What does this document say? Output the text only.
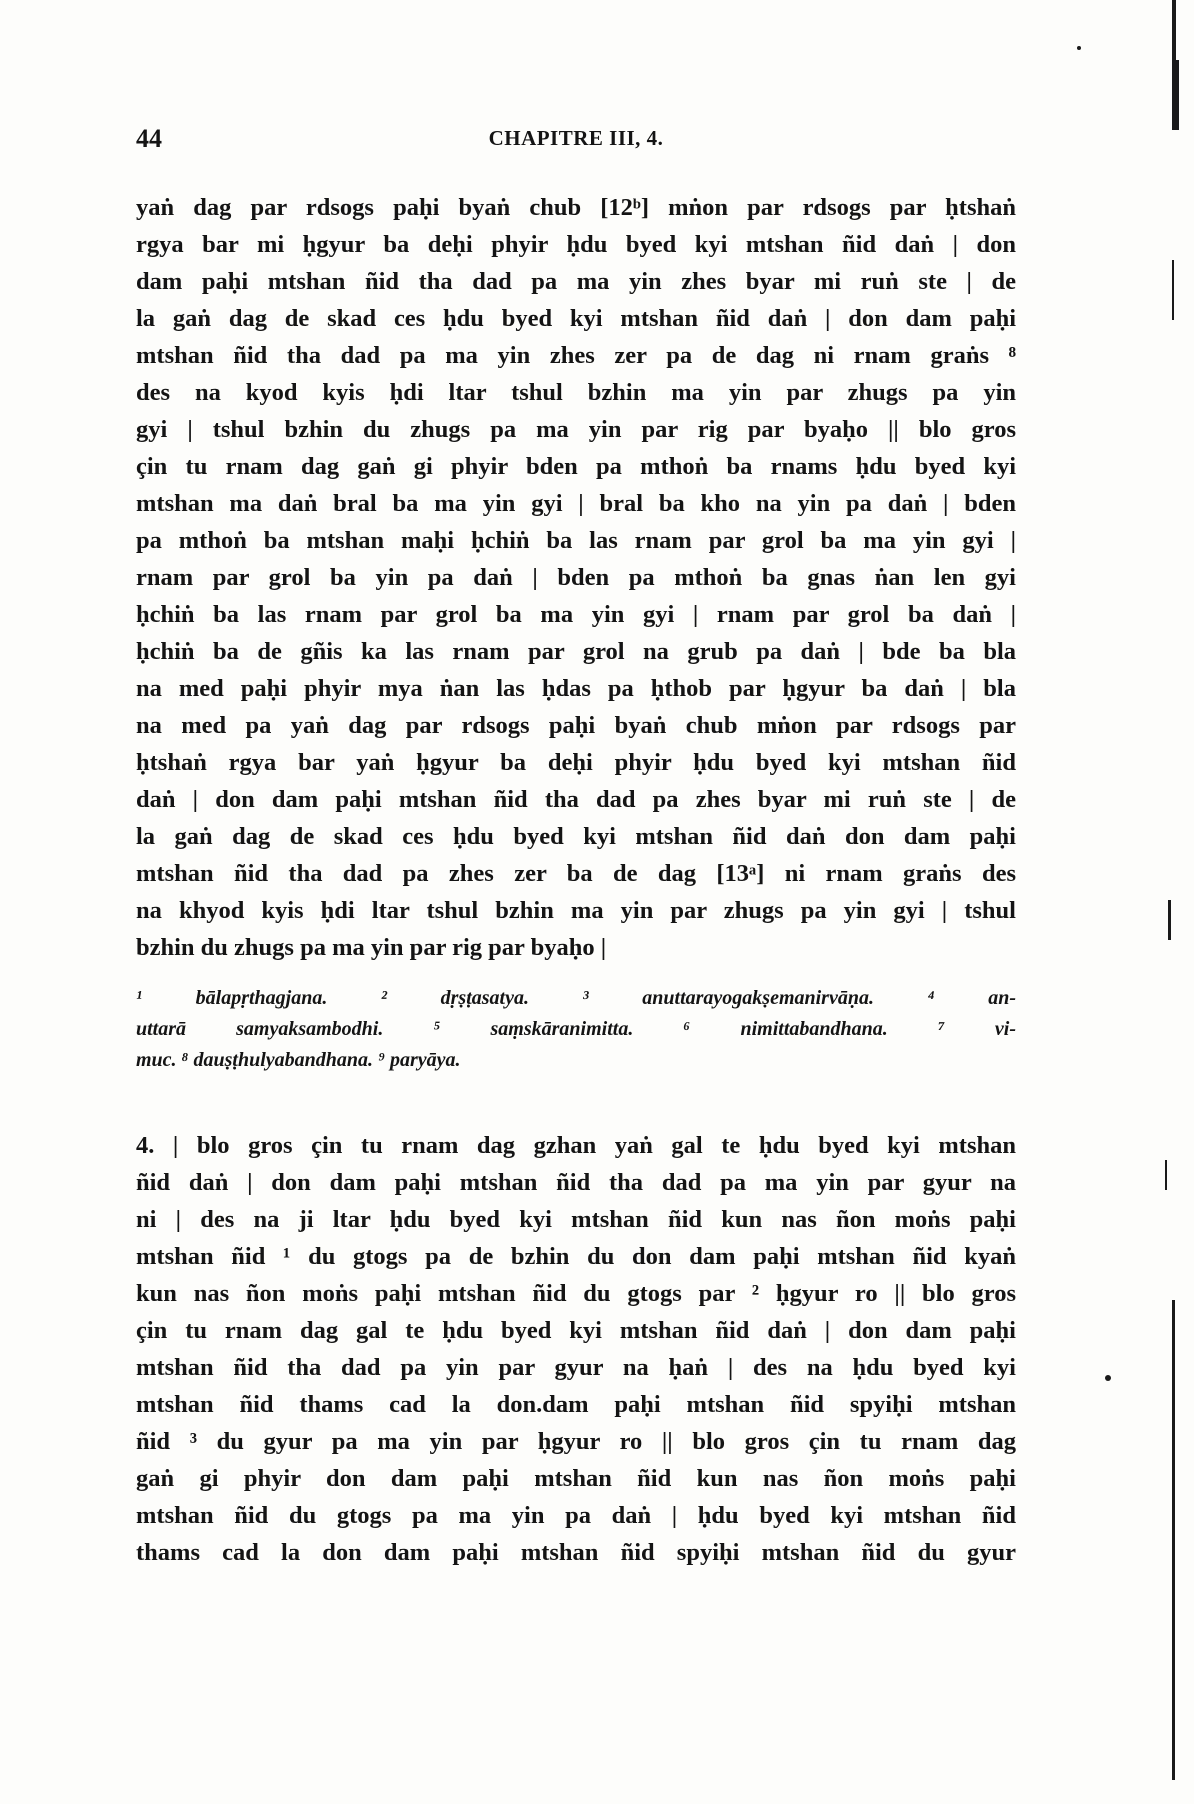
44	CHAPITRE III, 4.
yaṅ dag par rdsogs paḥi byaṅ chub [12ᵇ] mṅon par rdsogs par ḥtshaṅ
rgya bar mi ḥgyur ba deḥi phyir ḥdu byed kyi mtshan ñid daṅ | don
dam paḥi mtshan ñid tha dad pa ma yin zhes byar mi ruṅ ste | de
la gaṅ dag de skad ces ḥdu byed kyi mtshan ñid daṅ | don dam paḥi
mtshan ñid tha dad pa ma yin zhes zer pa de dag ni rnam graṅs ⁸
des na kyod kyis ḥdi ltar tshul bzhin ma yin par zhugs pa yin
gyi | tshul bzhin du zhugs pa ma yin par rig par byaḥo || blo gros
çin tu rnam dag gaṅ gi phyir bden pa mthoṅ ba rnams ḥdu byed kyi
mtshan ma daṅ bral ba ma yin gyi | bral ba kho na yin pa daṅ | bden
pa mthoṅ ba mtshan maḥi ḥchiṅ ba las rnam par grol ba ma yin gyi |
rnam par grol ba yin pa daṅ | bden pa mthoṅ ba gnas ṅan len gyi
ḥchiṅ ba las rnam par grol ba ma yin gyi | rnam par grol ba daṅ |
ḥchiṅ ba de gñis ka las rnam par grol na grub pa daṅ | bde ba bla
na med paḥi phyir mya ṅan las ḥdas pa ḥthob par ḥgyur ba daṅ | bla
na med pa yaṅ dag par rdsogs paḥi byaṅ chub mṅon par rdsogs par
ḥtshaṅ rgya bar yaṅ ḥgyur ba deḥi phyir ḥdu byed kyi mtshan ñid
daṅ | don dam paḥi mtshan ñid tha dad pa zhes byar mi ruṅ ste | de
la gaṅ dag de skad ces ḥdu byed kyi mtshan ñid daṅ don dam paḥi
mtshan ñid tha dad pa zhes zer ba de dag [13ᵃ] ni rnam graṅs des
na khyod kyis ḥdi ltar tshul bzhin ma yin par zhugs pa yin gyi | tshul
bzhin du zhugs pa ma yin par rig par byaḥo |
¹ bālapṛthagjana. ² dṛṣṭasatya. ³ anuttarayogakṣemanirvāṇa. ⁴ an-
uttarā samyaksambodhi. ⁵ saṃskāranimitta. ⁶ nimittabandhana. ⁷ vi-
muc. ⁸ dauṣṭhulyabandhana. ⁹ paryāya.
4. | blo gros çin tu rnam dag gzhan yaṅ gal te ḥdu byed kyi mtshan
ñid daṅ | don dam paḥi mtshan ñid tha dad pa ma yin par gyur na
ni | des na ji ltar ḥdu byed kyi mtshan ñid kun nas ñon moṅs paḥi
mtshan ñid ¹ du gtogs pa de bzhin du don dam paḥi mtshan ñid kyaṅ
kun nas ñon moṅs paḥi mtshan ñid du gtogs par ² ḥgyur ro || blo gros
çin tu rnam dag gal te ḥdu byed kyi mtshan ñid daṅ | don dam paḥi
mtshan ñid tha dad pa yin par gyur na ḥaṅ | des na ḥdu byed kyi
mtshan ñid thams cad la don.dam paḥi mtshan ñid spyiḥi mtshan
ñid ³ du gyur pa ma yin par ḥgyur ro || blo gros çin tu rnam dag
gaṅ gi phyir don dam paḥi mtshan ñid kun nas ñon moṅs paḥi
mtshan ñid du gtogs pa ma yin pa daṅ | ḥdu byed kyi mtshan ñid
thams cad la don dam paḥi mtshan ñid spyiḥi mtshan ñid du gyur
